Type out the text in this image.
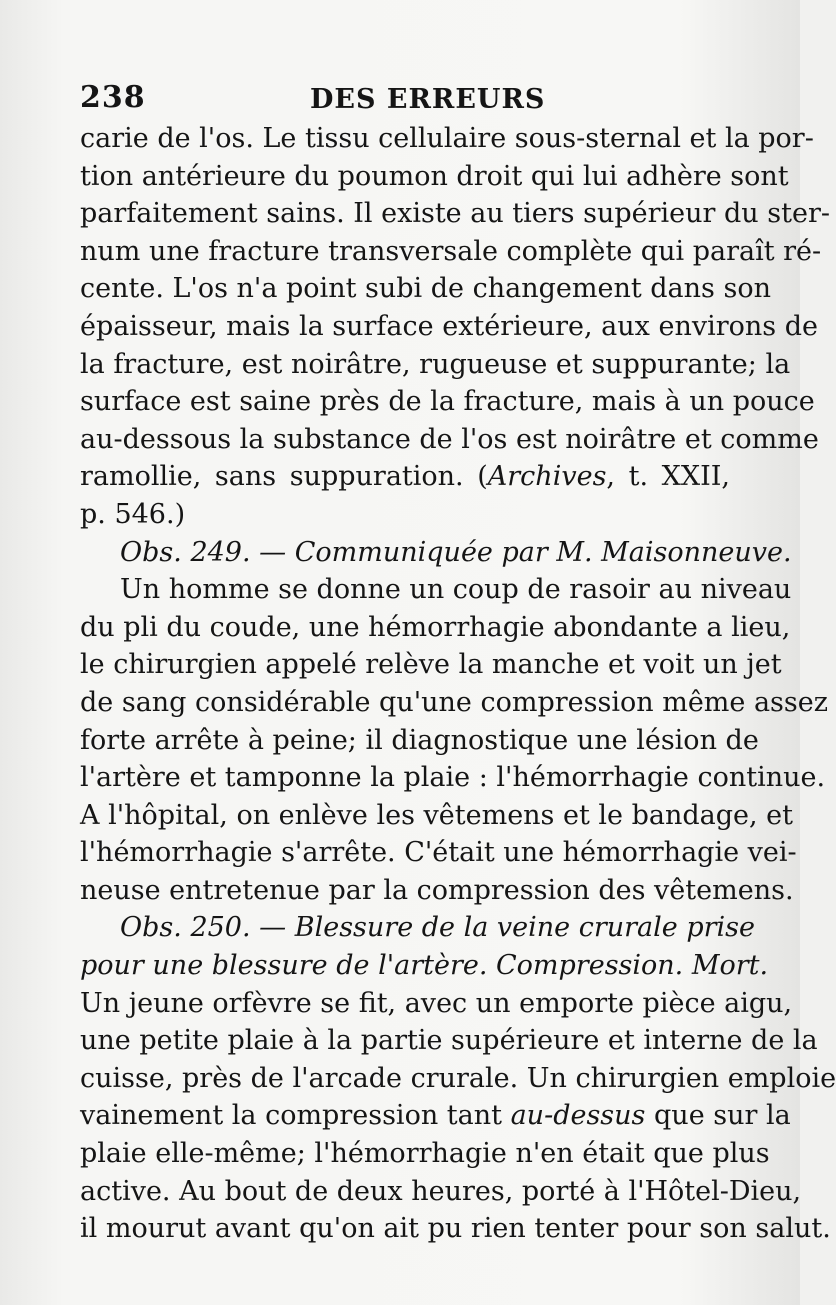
238	DES ERREURS
carie de l'os. Le tissu cellulaire sous-sternal et la por-
tion antérieure du poumon droit qui lui adhère sont
parfaitement sains. Il existe au tiers supérieur du ster-
num une fracture transversale complète qui paraît ré-
cente. L'os n'a point subi de changement dans son
épaisseur, mais la surface extérieure, aux environs de
la fracture, est noirâtre, rugueuse et suppurante; la
surface est saine près de la fracture, mais à un pouce
au-dessous la substance de l'os est noirâtre et comme
ramollie, sans suppuration. (Archives, t. XXII,
p. 546.)
Obs. 249. — Communiquée par M. Maisonneuve.
Un homme se donne un coup de rasoir au niveau
du pli du coude, une hémorrhagie abondante a lieu,
le chirurgien appelé relève la manche et voit un jet
de sang considérable qu'une compression même assez
forte arrête à peine; il diagnostique une lésion de
l'artère et tamponne la plaie : l'hémorrhagie continue.
A l'hôpital, on enlève les vêtemens et le bandage, et
l'hémorrhagie s'arrête. C'était une hémorrhagie vei-
neuse entretenue par la compression des vêtemens.
Obs. 250. — Blessure de la veine crurale prise
pour une blessure de l'artère. Compression. Mort.
Un jeune orfèvre se fit, avec un emporte pièce aigu,
une petite plaie à la partie supérieure et interne de la
cuisse, près de l'arcade crurale. Un chirurgien emploie
vainement la compression tant au-dessus que sur la
plaie elle-même; l'hémorrhagie n'en était que plus
active. Au bout de deux heures, porté à l'Hôtel-Dieu,
il mourut avant qu'on ait pu rien tenter pour son salut.
